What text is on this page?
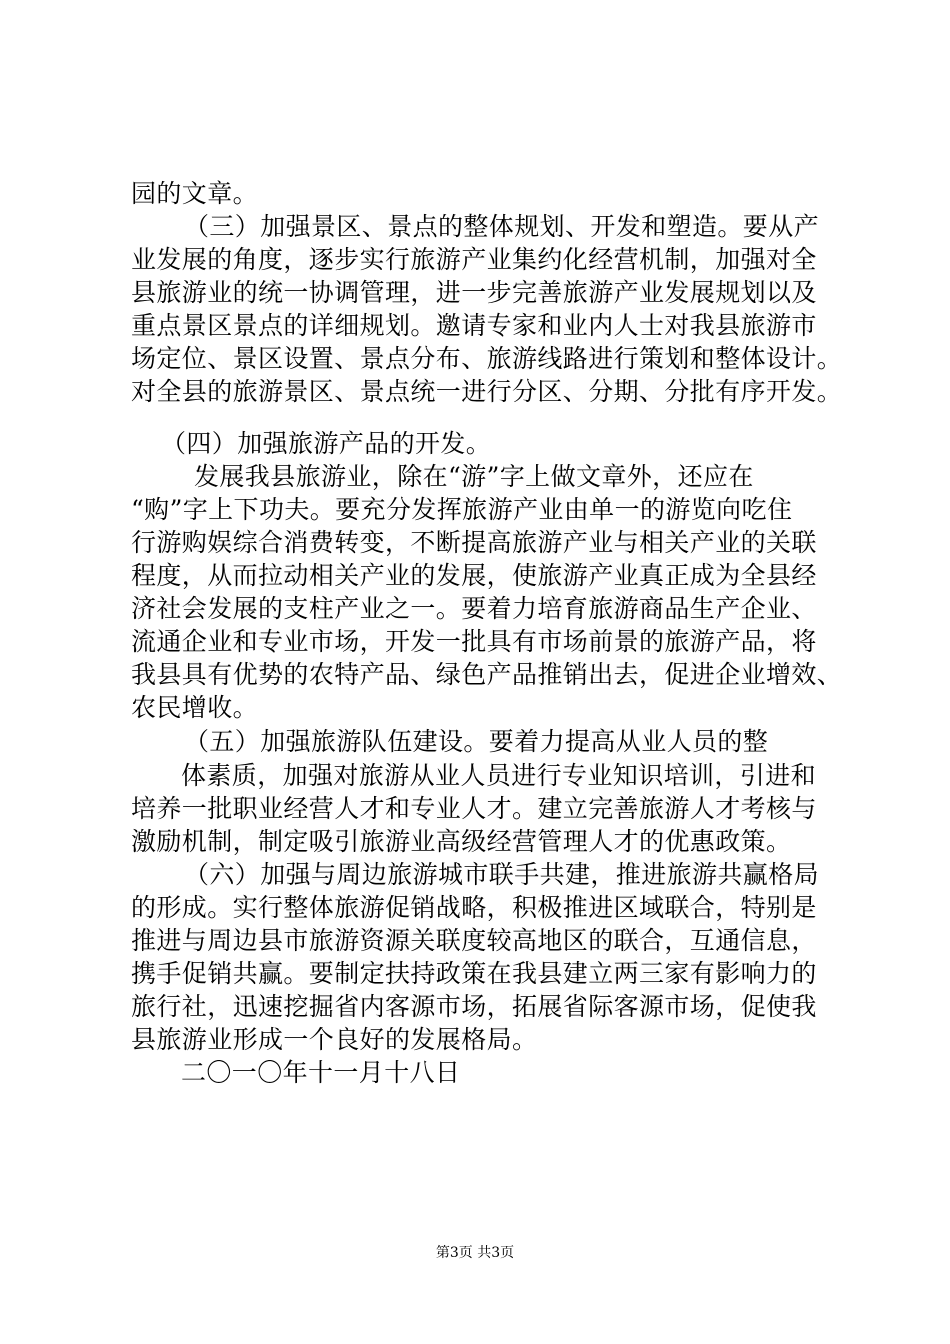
园的文章。
（三）加强景区、景点的整体规划、开发和塑造。要从产
业发展的角度，逐步实行旅游产业集约化经营机制，加强对全
县旅游业的统一协调管理，进一步完善旅游产业发展规划以及
重点景区景点的详细规划。邀请专家和业内人士对我县旅游市
场定位、景区设置、景点分布、旅游线路进行策划和整体设计。
对全县的旅游景区、景点统一进行分区、分期、分批有序开发。
（四）加强旅游产品的开发。
发展我县旅游业，除在“游”字上做文章外，还应在
“购”字上下功夫。要充分发挥旅游产业由单一的游览向吃住
行游购娱综合消费转变，不断提高旅游产业与相关产业的关联
程度，从而拉动相关产业的发展，使旅游产业真正成为全县经
济社会发展的支柱产业之一。要着力培育旅游商品生产企业、
流通企业和专业市场，开发一批具有市场前景的旅游产品，将
我县具有优势的农特产品、绿色产品推销出去，促进企业增效、
农民增收。
（五）加强旅游队伍建设。要着力提高从业人员的整
体素质，加强对旅游从业人员进行专业知识培训，引进和
培养一批职业经营人才和专业人才。建立完善旅游人才考核与
激励机制，制定吸引旅游业高级经营管理人才的优惠政策。
（六）加强与周边旅游城市联手共建，推进旅游共赢格局
的形成。实行整体旅游促销战略，积极推进区域联合，特别是
推进与周边县市旅游资源关联度较高地区的联合，互通信息，
携手促销共赢。要制定扶持政策在我县建立两三家有影响力的
旅行社，迅速挖掘省内客源市场，拓展省际客源市场，促使我
县旅游业形成一个良好的发展格局。
二〇一〇年十一月十八日
第3页 共3页
